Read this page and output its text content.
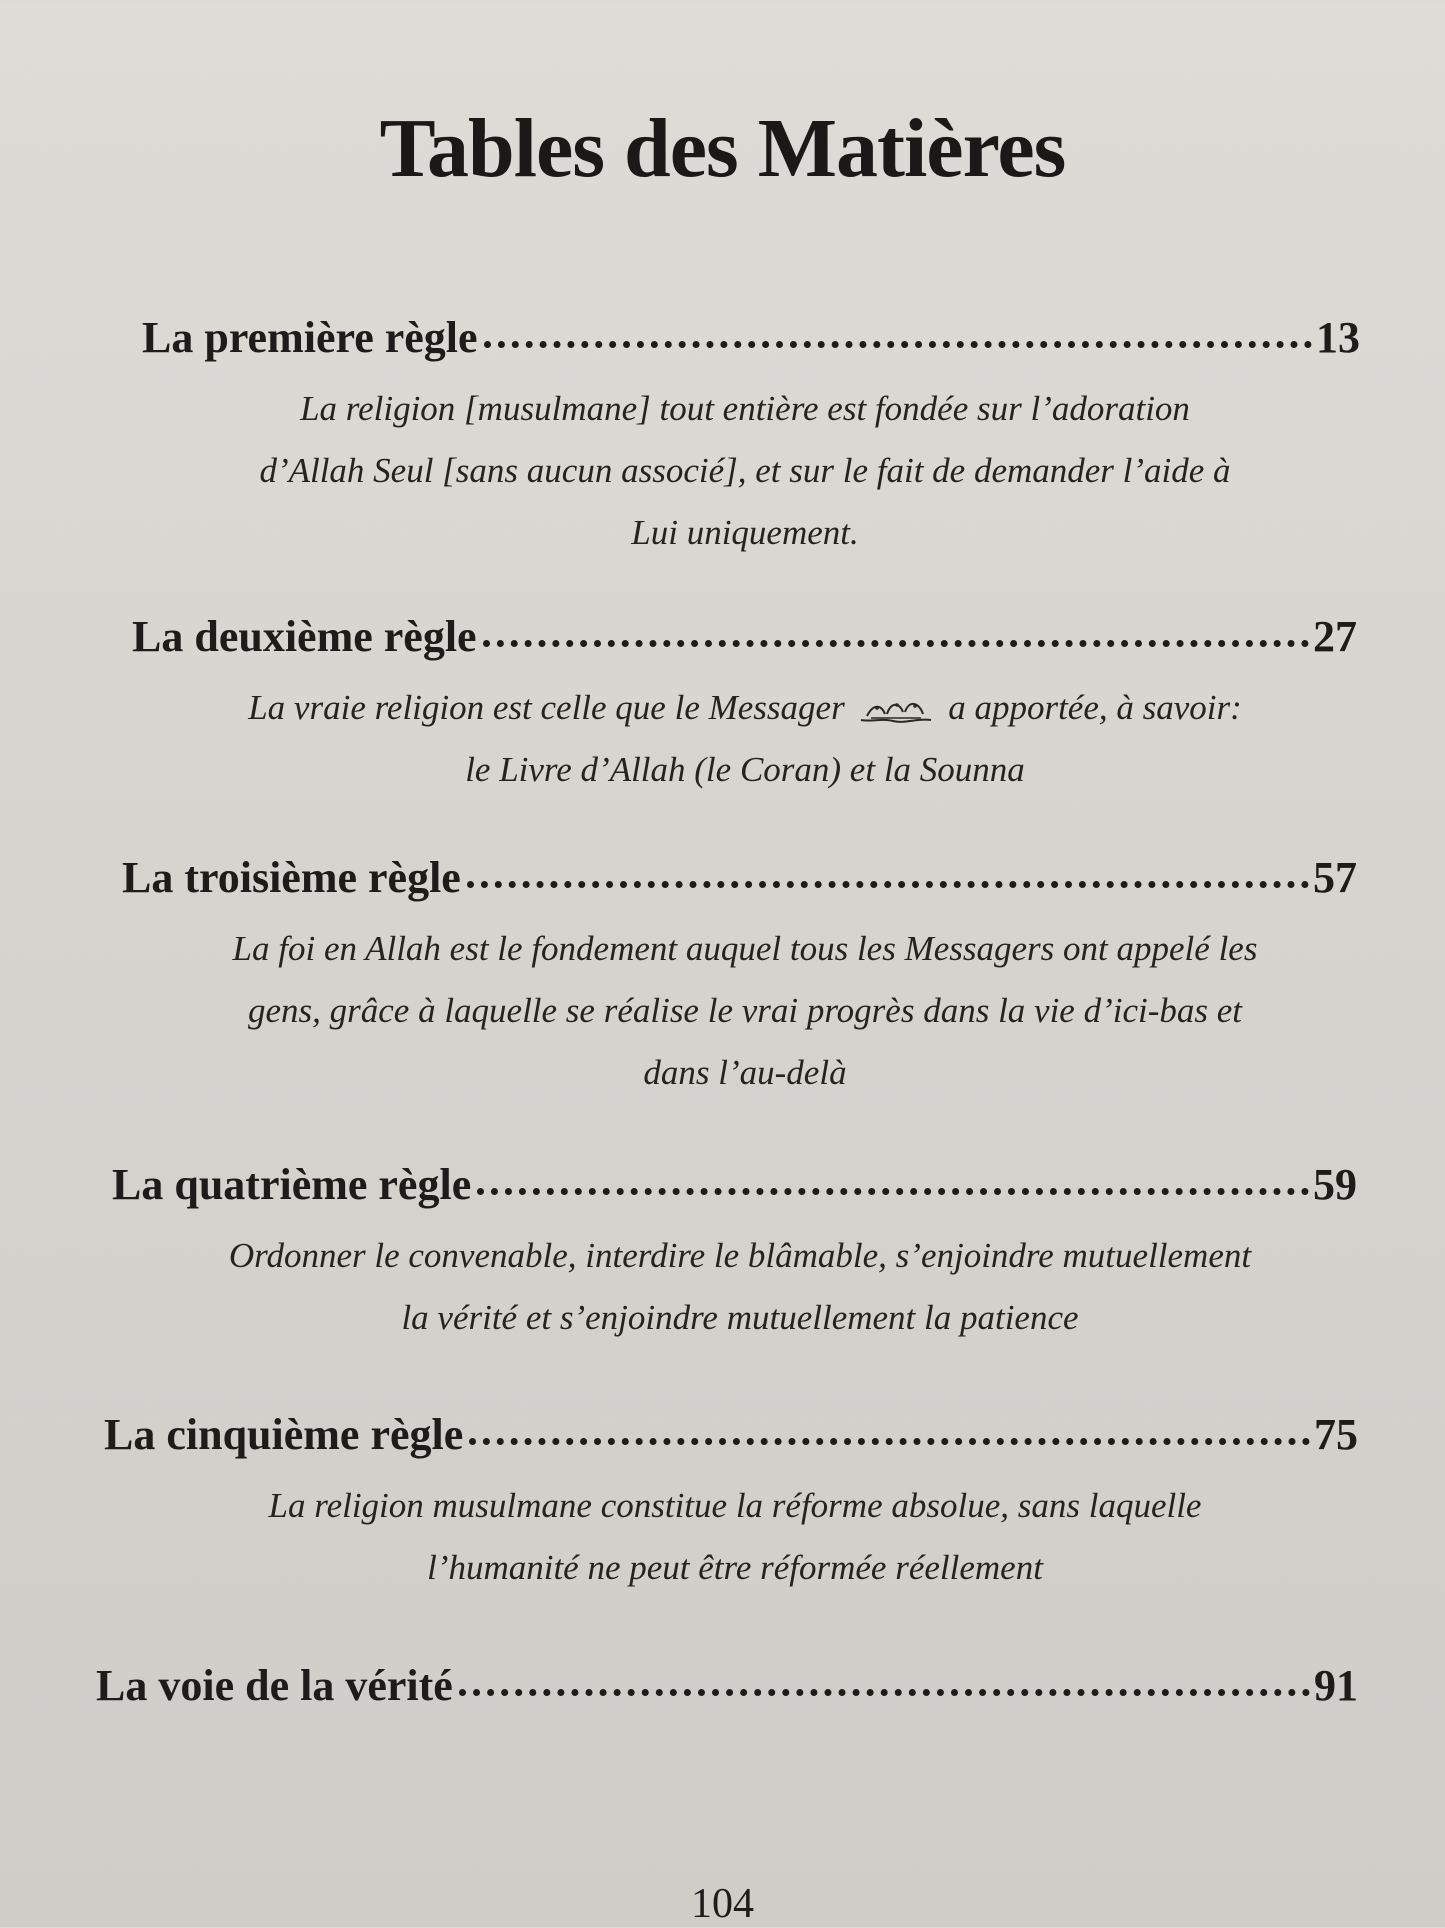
Tables des Matières
La première règle	13

La religion [musulmane] tout entière est fondée sur l’adoration d’Allah Seul [sans aucun associé], et sur le fait de demander l’aide à Lui uniquement.

La deuxième règle	27

La vraie religion est celle que le Messager	a apportée, à savoir: le Livre d’Allah (le Coran) et la Sounna

La troisième règle	57

La foi en Allah est le fondement auquel tous les Messagers ont appelé les gens, grâce à laquelle se réalise le vrai progrès dans la vie d’ici-bas et dans l’au-delà

La quatrième règle	59

Ordonner le convenable, interdire le blâmable, s’enjoindre mutuellement la vérité et s’enjoindre mutuellement la patience

La cinquième règle	75

La religion musulmane constitue la réforme absolue, sans laquelle l’humanité ne peut être réformée réellement

La voie de la vérité	91
104
